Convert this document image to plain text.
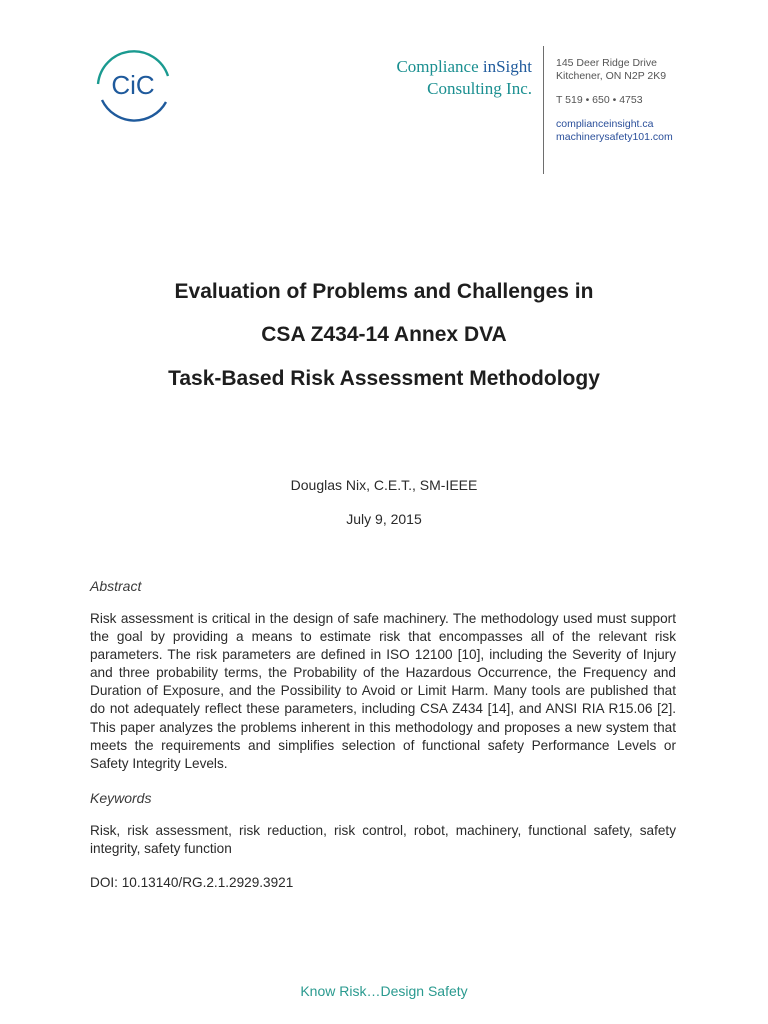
CiC
Compliance inSight
Consulting Inc.
145 Deer Ridge Drive
Kitchener, ON N2P 2K9
T 519 • 650 • 4753
complianceinsight.ca
machinerysafety101.com
Evaluation of Problems and Challenges in
CSA Z434-14 Annex DVA
Task-Based Risk Assessment Methodology
Douglas Nix, C.E.T., SM-IEEE
July 9, 2015
Abstract
Risk assessment is critical in the design of safe machinery. The methodology used must support the goal by providing a means to estimate risk that encompasses all of the relevant risk parameters. The risk parameters are defined in ISO 12100 [10], including the Severity of Injury and three probability terms, the Probability of the Hazardous Occurrence, the Frequency and Duration of Exposure, and the Possibility to Avoid or Limit Harm. Many tools are published that do not adequately reflect these parameters, including CSA Z434 [14], and ANSI RIA R15.06 [2]. This paper analyzes the problems inherent in this methodology and proposes a new system that meets the requirements and simplifies selection of functional safety Performance Levels or Safety Integrity Levels.
Keywords
Risk, risk assessment, risk reduction, risk control, robot, machinery, functional safety, safety integrity, safety function
DOI: 10.13140/RG.2.1.2929.3921
Know Risk…Design Safety
